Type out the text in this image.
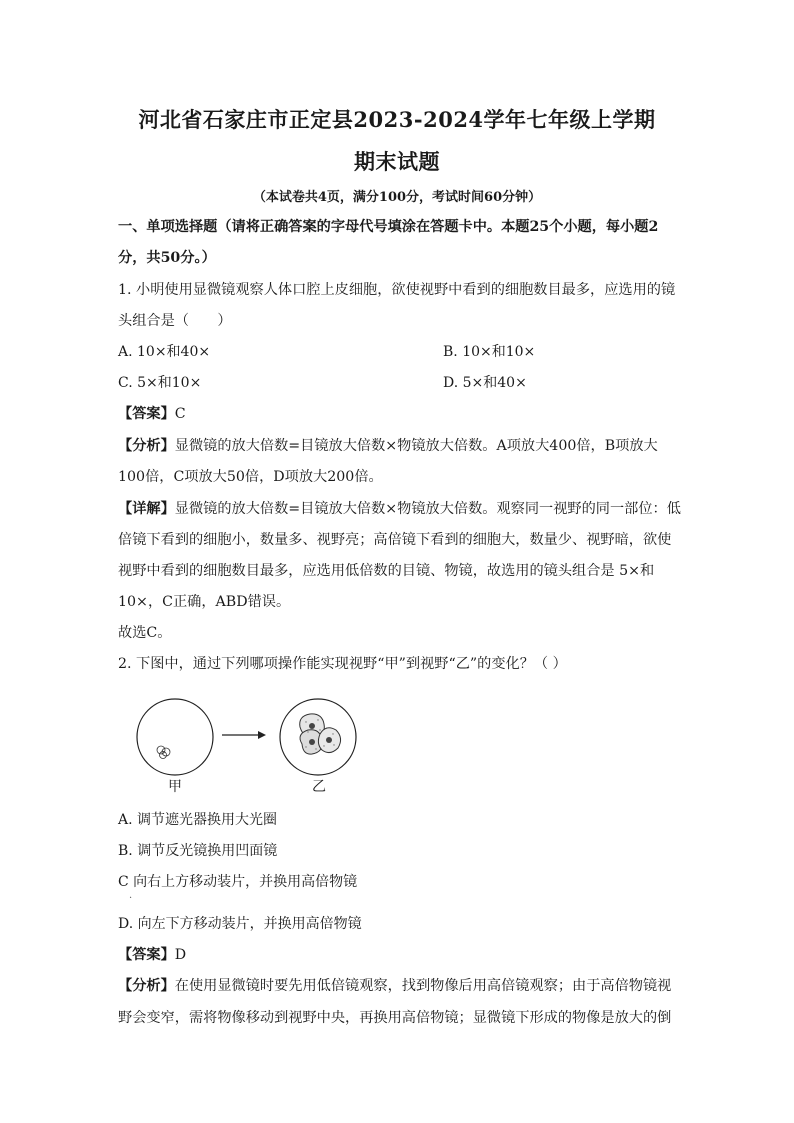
河北省石家庄市正定县2023-2024学年七年级上学期
期末试题
（本试卷共4页，满分100分，考试时间60分钟）
一、单项选择题（请将正确答案的字母代号填涂在答题卡中。本题25个小题，每小题2
分，共50分。）
1. 小明使用显微镜观察人体口腔上皮细胞，欲使视野中看到的细胞数目最多，应选用的镜
头组合是（　　）
A. 10×和40×	B. 10×和10×
C. 5×和10×	D. 5×和40×
【答案】C
【分析】显微镜的放大倍数=目镜放大倍数×物镜放大倍数。A项放大400倍，B项放大
100倍，C项放大50倍，D项放大200倍。
【详解】显微镜的放大倍数=目镜放大倍数×物镜放大倍数。观察同一视野的同一部位：低
倍镜下看到的细胞小，数量多、视野亮；高倍镜下看到的细胞大，数量少、视野暗，欲使
视野中看到的细胞数目最多，应选用低倍数的目镜、物镜，故选用的镜头组合是 5×和
10×，C正确，ABD错误。
故选C。
2. 下图中，通过下列哪项操作能实现视野“甲”到视野“乙”的变化？（ ）
甲	乙
A. 调节遮光器换用大光圈
B. 调节反光镜换用凹面镜
C 向右上方移动装片，并换用高倍物镜
·
D. 向左下方移动装片，并换用高倍物镜
【答案】D
【分析】在使用显微镜时要先用低倍镜观察，找到物像后用高倍镜观察；由于高倍物镜视
野会变窄，需将物像移动到视野中央，再换用高倍物镜；显微镜下形成的物像是放大的倒
